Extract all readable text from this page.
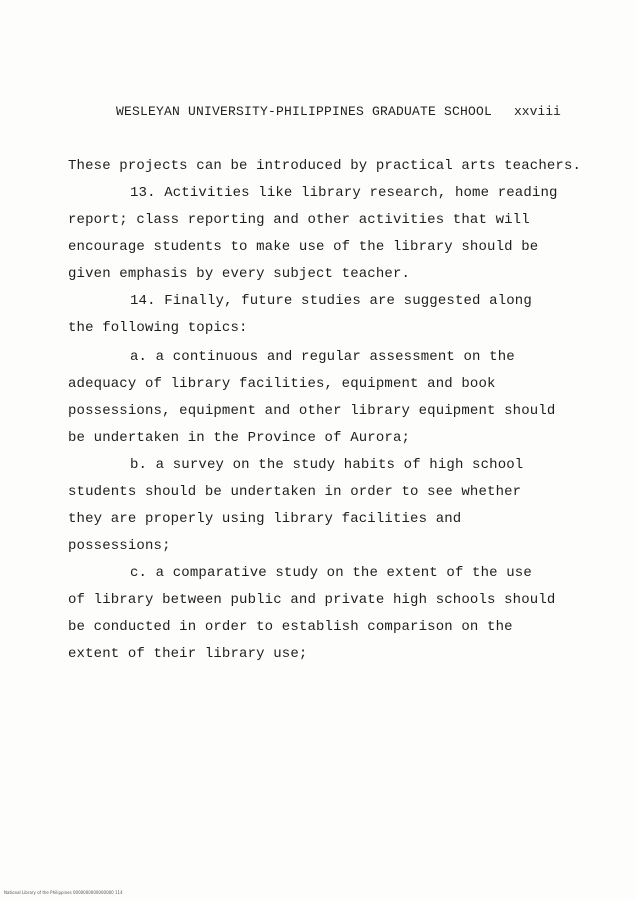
WESLEYAN UNIVERSITY-PHILIPPINES GRADUATE SCHOOL xxviii
These projects can be introduced by practical arts teachers.
13. Activities like library research, home reading
report; class reporting and other activities that will
encourage students to make use of the library should be
given emphasis by every subject teacher.
14. Finally, future studies are suggested along
the following topics:
a. a continuous and regular assessment on the
adequacy of library facilities, equipment and book
possessions, equipment and other library equipment should
be undertaken in the Province of Aurora;
b. a survey on the study habits of high school
students should be undertaken in order to see whether
they are properly using library facilities and
possessions;
c. a comparative study on the extent of the use
of library between public and private high schools should
be conducted in order to establish comparison on the
extent of their library use;
National Library of the Philippines 0000000000000000 114
